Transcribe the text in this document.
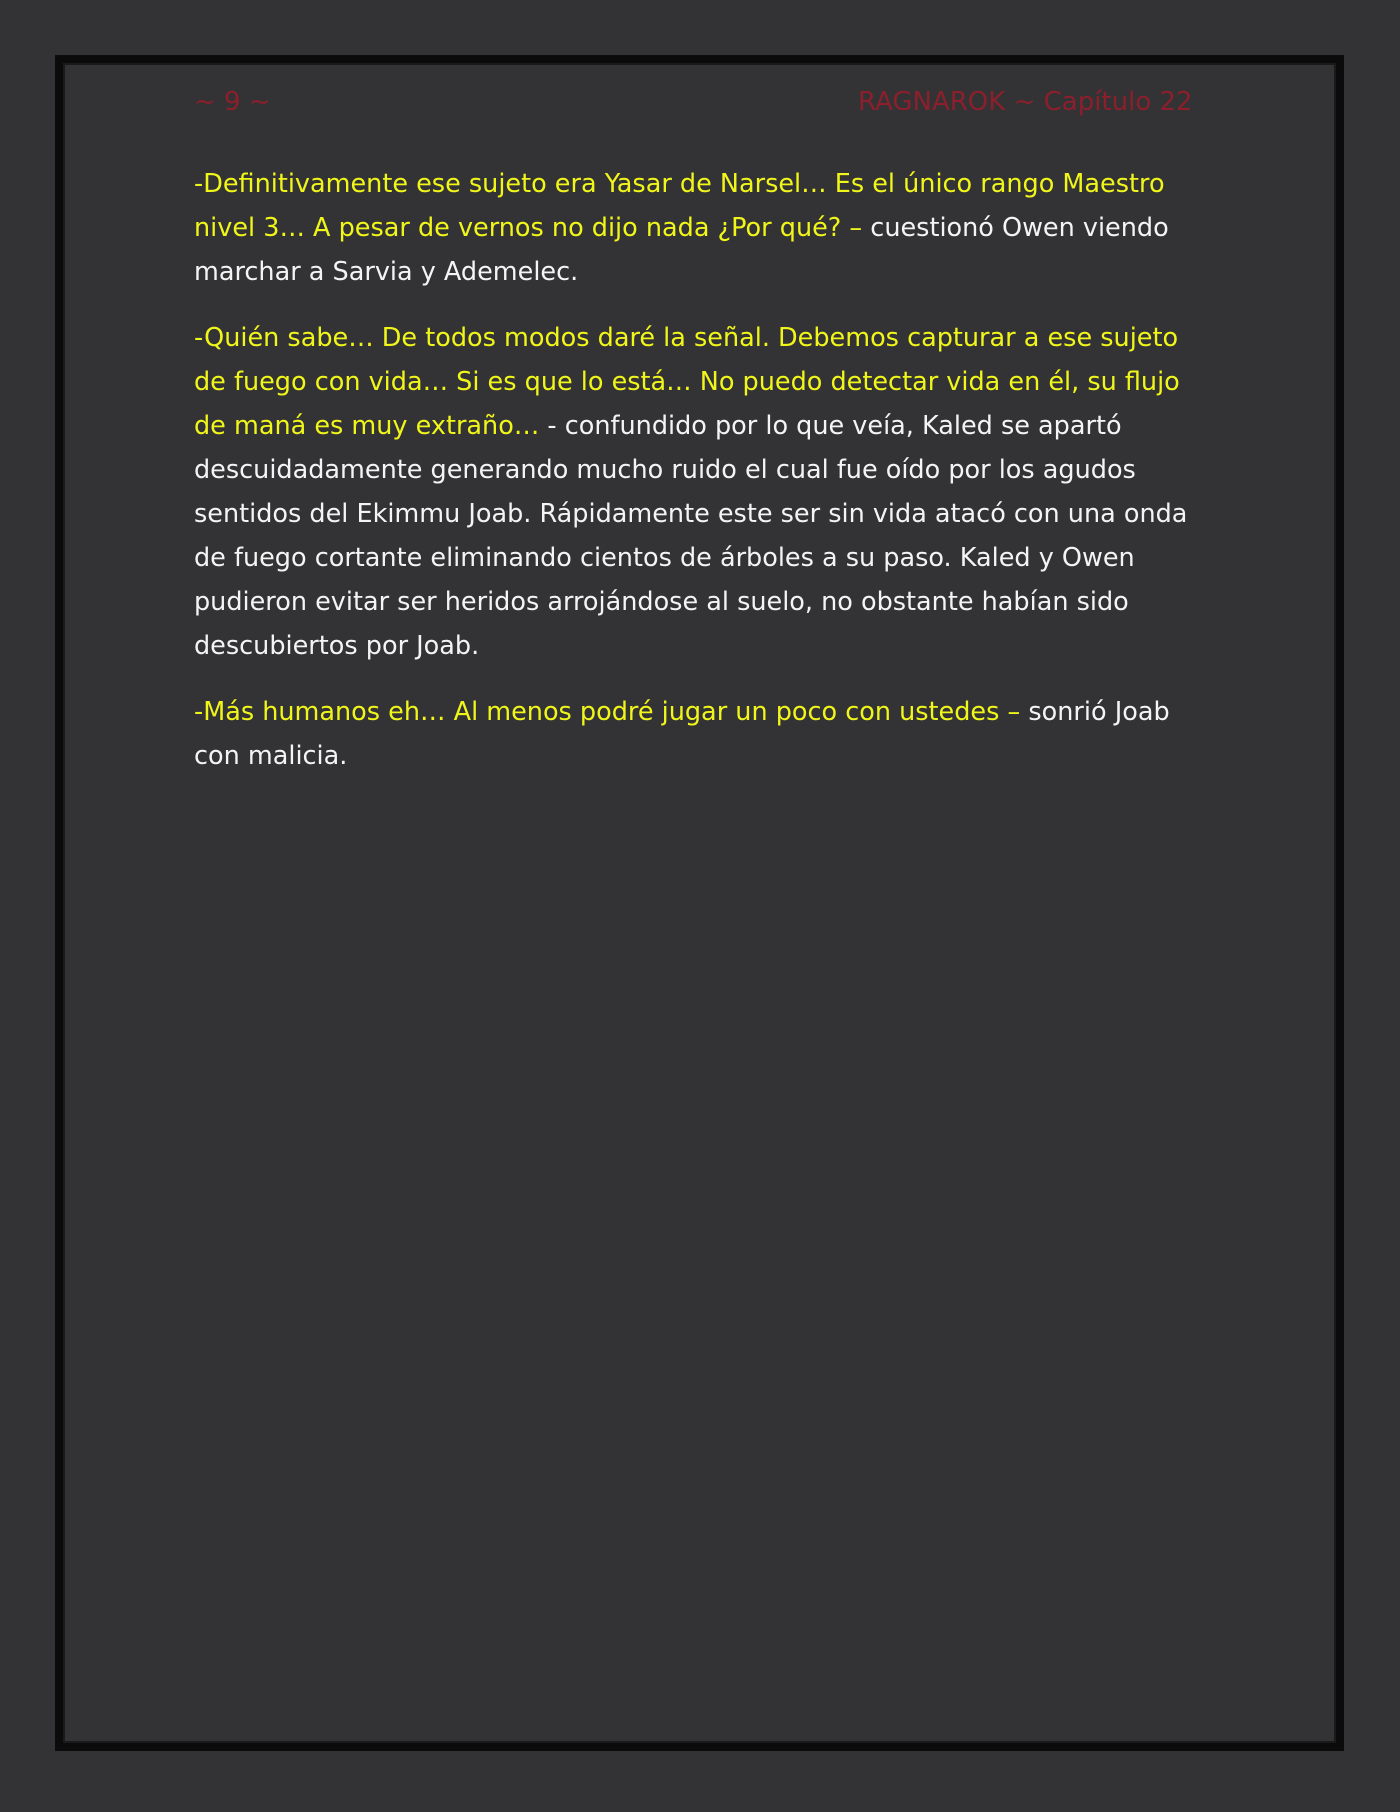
~ 9 ~	RAGNAROK ~ Capítulo 22

-Definitivamente ese sujeto era Yasar de Narsel… Es el único rango Maestro nivel 3… A pesar de vernos no dijo nada ¿Por qué? – cuestionó Owen viendo marchar a Sarvia y Ademelec.

-Quién sabe… De todos modos daré la señal. Debemos capturar a ese sujeto de fuego con vida… Si es que lo está… No puedo detectar vida en él, su flujo de maná es muy extraño… - confundido por lo que veía, Kaled se apartó descuidadamente generando mucho ruido el cual fue oído por los agudos sentidos del Ekimmu Joab. Rápidamente este ser sin vida atacó con una onda de fuego cortante eliminando cientos de árboles a su paso. Kaled y Owen pudieron evitar ser heridos arrojándose al suelo, no obstante habían sido descubiertos por Joab.

-Más humanos eh… Al menos podré jugar un poco con ustedes – sonrió Joab con malicia.
